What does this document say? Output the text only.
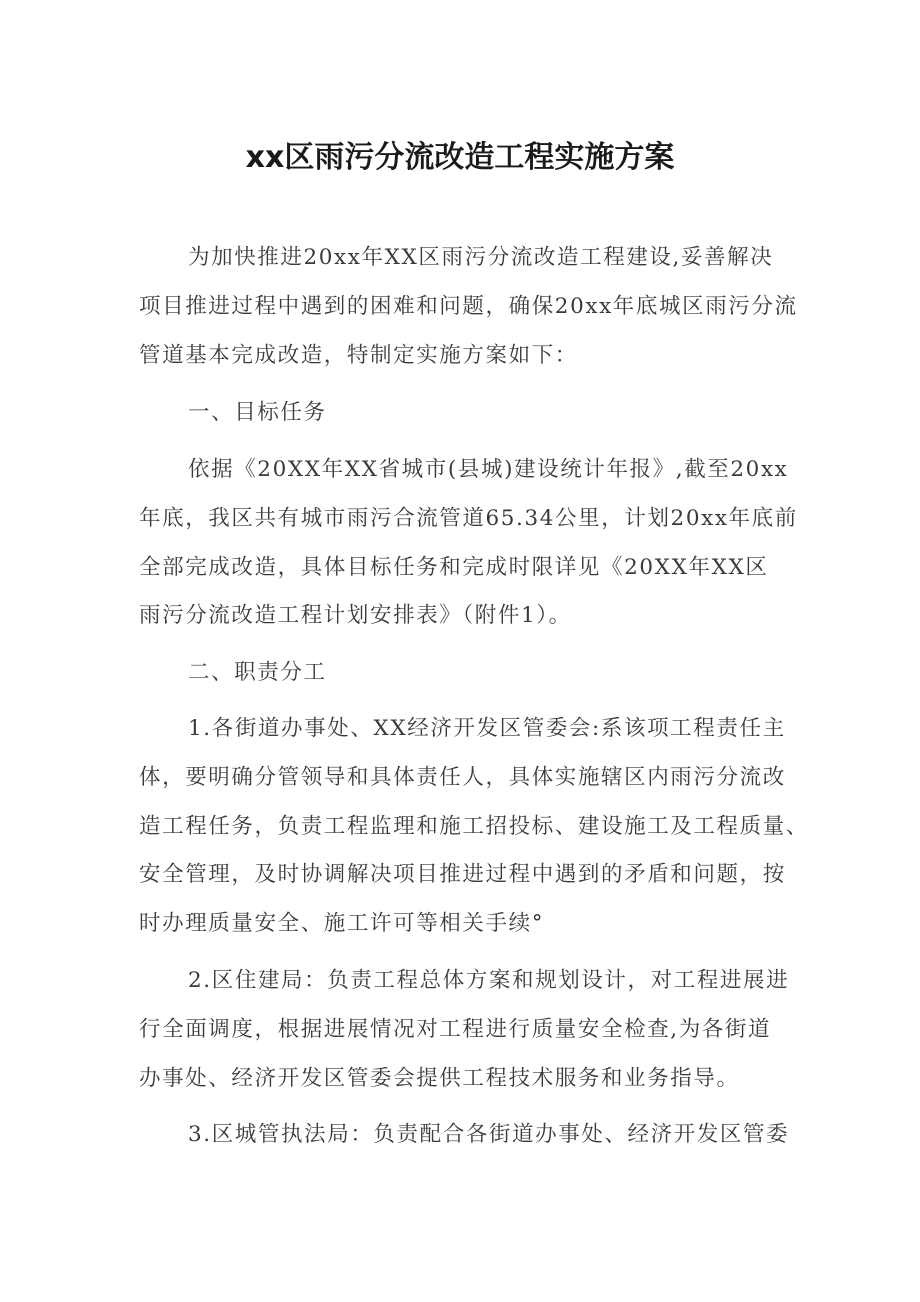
xx区雨污分流改造工程实施方案
为加快推进20xx年XX区雨污分流改造工程建设,妥善解决
项目推进过程中遇到的困难和问题，确保20xx年底城区雨污分流
管道基本完成改造，特制定实施方案如下：
一、目标任务
依据《20XX年XX省城市(县城)建设统计年报》,截至20xx
年底，我区共有城市雨污合流管道65.34公里，计划20xx年底前
全部完成改造，具体目标任务和完成时限详见《20XX年XX区
雨污分流改造工程计划安排表》（附件1）。
二、职责分工
1.各街道办事处、XX经济开发区管委会:系该项工程责任主
体，要明确分管领导和具体责任人，具体实施辖区内雨污分流改
造工程任务，负责工程监理和施工招投标、建设施工及工程质量、
安全管理，及时协调解决项目推进过程中遇到的矛盾和问题，按
时办理质量安全、施工许可等相关手续°
2.区住建局：负责工程总体方案和规划设计，对工程进展进
行全面调度，根据进展情况对工程进行质量安全检查,为各街道
办事处、经济开发区管委会提供工程技术服务和业务指导。
3.区城管执法局：负责配合各街道办事处、经济开发区管委
